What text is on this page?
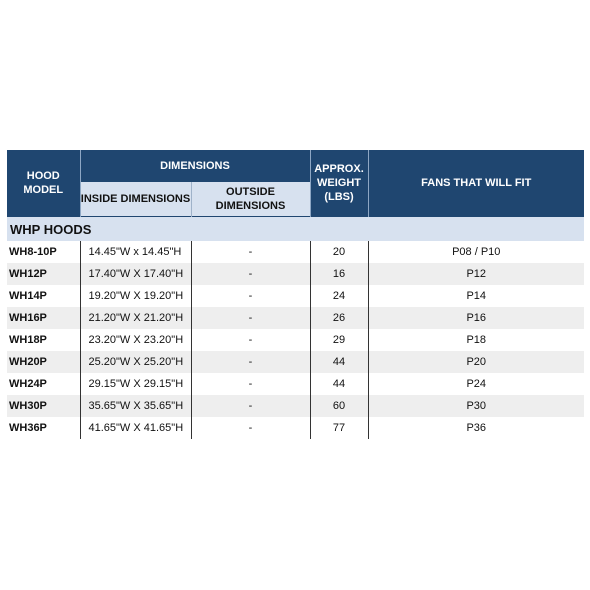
HOOD MODEL	DIMENSIONS		APPROX. WEIGHT (LBS)	FANS THAT WILL FIT
	INSIDE DIMENSIONS	OUTSIDE DIMENSIONS		
WHP HOODS				
WH8-10P	14.45"W x 14.45"H	-	20	P08 / P10
WH12P	17.40"W X 17.40"H	-	16	P12
WH14P	19.20"W X 19.20"H	-	24	P14
WH16P	21.20"W X 21.20"H	-	26	P16
WH18P	23.20"W X 23.20"H	-	29	P18
WH20P	25.20"W X 25.20"H	-	44	P20
WH24P	29.15"W X 29.15"H	-	44	P24
WH30P	35.65"W X 35.65"H	-	60	P30
WH36P	41.65"W X 41.65"H	-	77	P36
